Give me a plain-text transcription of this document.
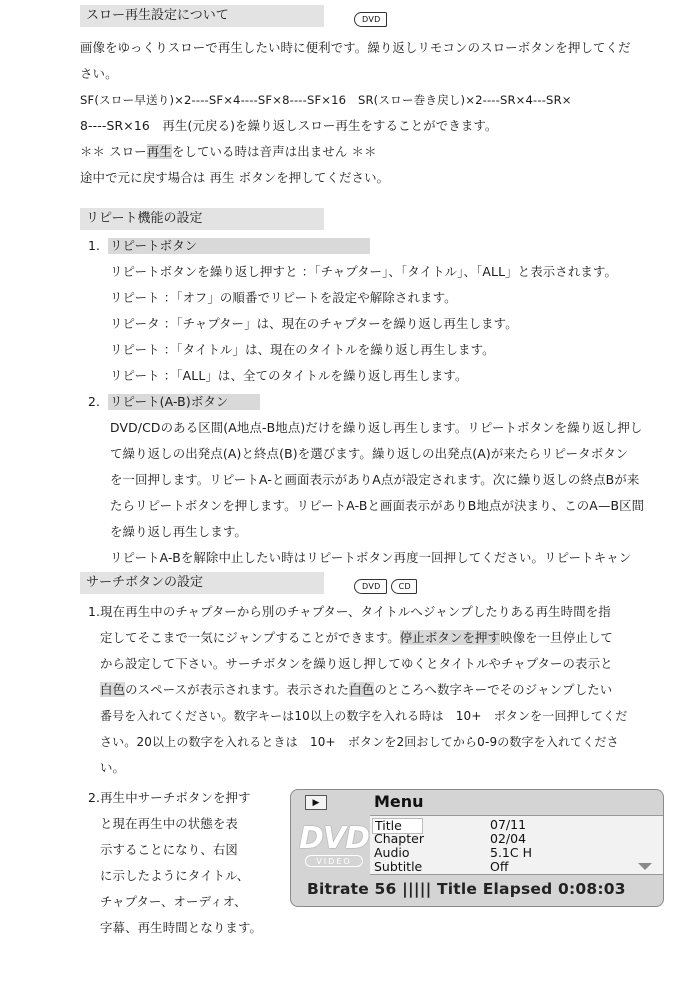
スロー再生設定について	DVD
画像をゆっくりスローで再生したい時に便利です。繰り返しリモコンのスローボタンを押してくだ
さい。
SF(スロー早送り)×2----SF×4----SF×8----SF×16　SR(スロー巻き戻し)×2----SR×4---SR×
8----SR×16　再生(元戻る)を繰り返しスロー再生をすることができます。
＊＊ スロー再生をしている時は音声は出ません ＊＊
途中で元に戻す場合は 再生 ボタンを押してください。
リピート機能の設定
1. リピートボタン
リピートボタンを繰り返し押すと ：「チャプター」、「タイトル」、「ALL」と表示されます。
リピート ：「オフ」の順番でリピートを設定や解除されます。
リピータ ：「チャプター」は、現在のチャプターを繰り返し再生します。
リピート ：「タイトル」は、現在のタイトルを繰り返し再生します。
リピート ：「ALL」は、全てのタイトルを繰り返し再生します。
2. リピート(A-B)ボタン
DVD/CDのある区間(A地点-B地点)だけを繰り返し再生します。リピートボタンを繰り返し押し
て繰り返しの出発点(A)と終点(B)を選びます。繰り返しの出発点(A)が来たらリピータボタン
を一回押します。リピートA-と画面表示がありA点が設定されます。次に繰り返しの終点Bが来
たらリピートボタンを押します。リピートA-Bと画面表示がありB地点が決まり、このA—B区間
を繰り返し再生します。
リピートA-Bを解除中止したい時はリピートボタン再度一回押してください。リピートキャン
サーチボタンの設定	DVD CD
1.現在再生中のチャプターから別のチャプター、タイトルへジャンプしたりある再生時間を指
定してそこまで一気にジャンプすることができます。停止ボタンを押す映像を一旦停止して
から設定して下さい。サーチボタンを繰り返し押してゆくとタイトルやチャプターの表示と
白色のスペースが表示されます。表示された白色のところへ数字キーでそのジャンプしたい
番号を入れてください。数字キーは10以上の数字を入れる時は　10+　ボタンを一回押してくだ
さい。20以上の数字を入れるときは　10+　ボタンを2回おしてから0-9の数字を入れてくださ
い。
2.再生中サーチボタンを押す
と現在再生中の状態を表
示することになり、右図
に示したようにタイトル、
チャプター、オーディオ、
字幕、再生時間となります。
▶	Menu
DVD
VIDEO
Title	07/11
Chapter	02/04
Audio	5.1C H
Subtitle	Off
Bitrate 56 ||||| Title Elapsed 0:08:03
